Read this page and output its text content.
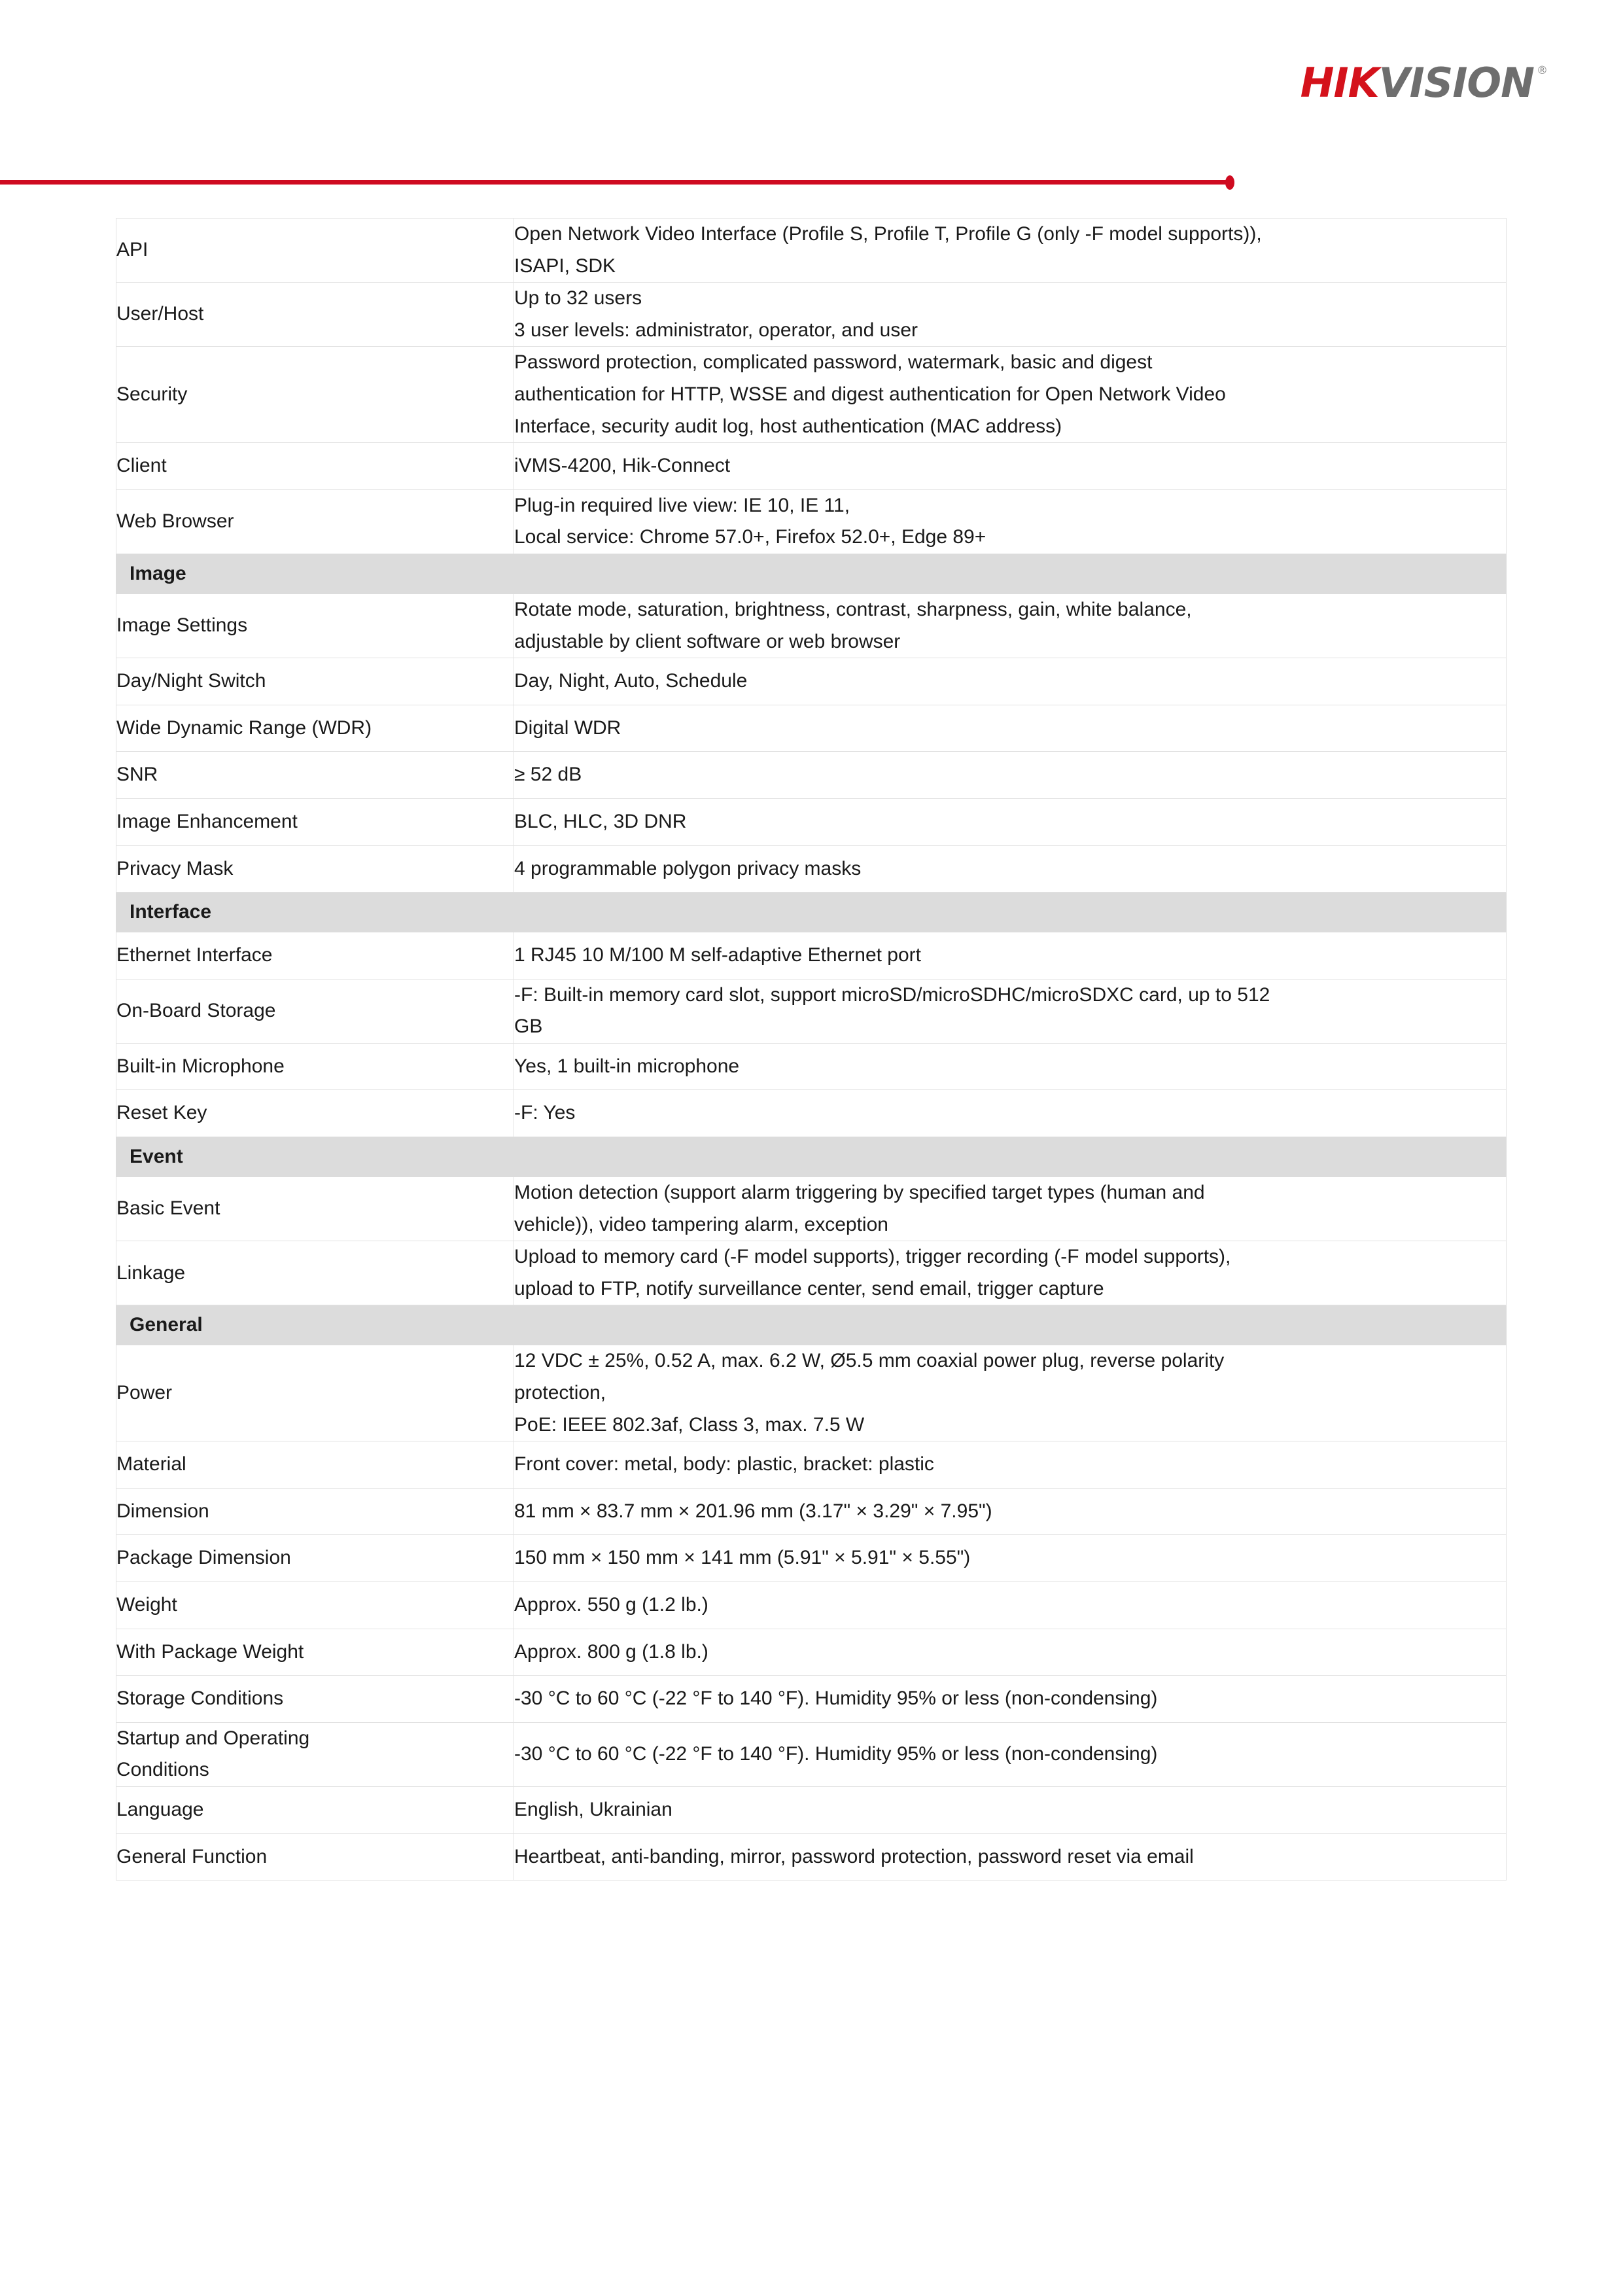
HIKVISION ®
API	Open Network Video Interface (Profile S, Profile T, Profile G (only -F model supports)),
ISAPI, SDK

User/Host	Up to 32 users
3 user levels: administrator, operator, and user

Security	Password protection, complicated password, watermark, basic and digest
authentication for HTTP, WSSE and digest authentication for Open Network Video
Interface, security audit log, host authentication (MAC address)

Client	iVMS-4200, Hik-Connect

Web Browser	Plug-in required live view: IE 10, IE 11,
Local service: Chrome 57.0+, Firefox 52.0+, Edge 89+

Image	

Image Settings	Rotate mode, saturation, brightness, contrast, sharpness, gain, white balance,
adjustable by client software or web browser

Day/Night Switch	Day, Night, Auto, Schedule

Wide Dynamic Range (WDR)	Digital WDR

SNR	≥ 52 dB

Image Enhancement	BLC, HLC, 3D DNR

Privacy Mask	4 programmable polygon privacy masks

Interface	

Ethernet Interface	1 RJ45 10 M/100 M self-adaptive Ethernet port

On-Board Storage	-F: Built-in memory card slot, support microSD/microSDHC/microSDXC card, up to 512
GB

Built-in Microphone	Yes, 1 built-in microphone

Reset Key	-F: Yes

Event	

Basic Event	Motion detection (support alarm triggering by specified target types (human and
vehicle)), video tampering alarm, exception

Linkage	Upload to memory card (-F model supports), trigger recording (-F model supports),
upload to FTP, notify surveillance center, send email, trigger capture

General	

Power	12 VDC ± 25%, 0.52 A, max. 6.2 W, Ø5.5 mm coaxial power plug, reverse polarity
protection,
PoE: IEEE 802.3af, Class 3, max. 7.5 W

Material	Front cover: metal, body: plastic, bracket: plastic

Dimension	81 mm × 83.7 mm × 201.96 mm (3.17" × 3.29" × 7.95")

Package Dimension	150 mm × 150 mm × 141 mm (5.91" × 5.91" × 5.55")

Weight	Approx. 550 g (1.2 lb.)

With Package Weight	Approx. 800 g (1.8 lb.)

Storage Conditions	-30 °C to 60 °C (-22 °F to 140 °F). Humidity 95% or less (non-condensing)

Startup and Operating
Conditions	-30 °C to 60 °C (-22 °F to 140 °F). Humidity 95% or less (non-condensing)

Language	English, Ukrainian

General Function	Heartbeat, anti-banding, mirror, password protection, password reset via email
